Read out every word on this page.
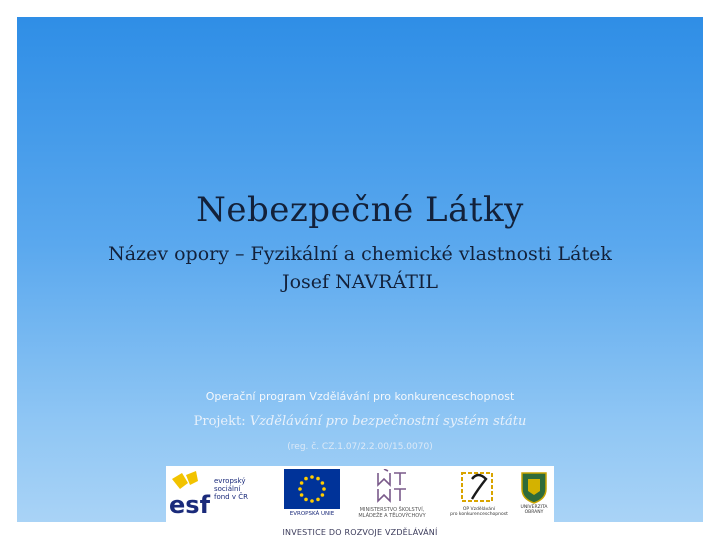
Nebezpečné Látky
Název opory – Fyzikální a chemické vlastnosti Látek
Josef NAVRÁTIL
Operační program Vzdělávání pro konkurenceschopnost
Projekt: Vzdělávání pro bezpečnostní systém státu
(reg. č. CZ.1.07/2.2.00/15.0070)
esf
evropský
sociální
fond v ČR
EVROPSKÁ UNIE
MINISTERSTVO ŠKOLSTVÍ,
MLÁDEŽE A TĚLOVÝCHOVY
OP Vzdělávání
pro konkurenceschopnost
UNIVERZITA
OBRANY
INVESTICE DO ROZVOJE VZDĚLÁVÁNÍ
